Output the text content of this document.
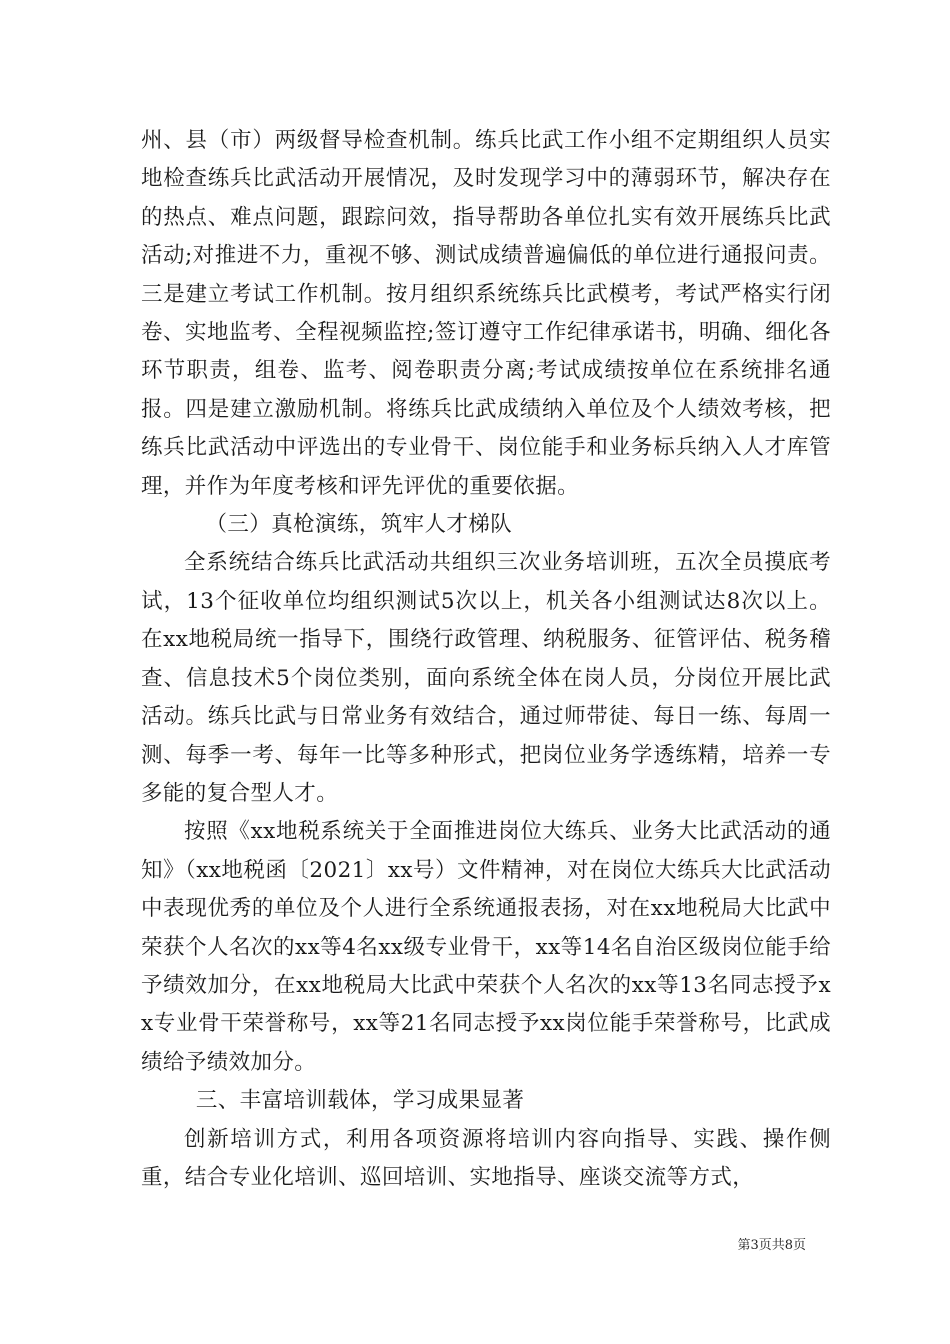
州、县（市）两级督导检查机制。练兵比武工作小组不定期组织人员实地检查练兵比武活动开展情况，及时发现学习中的薄弱环节，解决存在的热点、难点问题，跟踪问效，指导帮助各单位扎实有效开展练兵比武活动;对推进不力，重视不够、测试成绩普遍偏低的单位进行通报问责。三是建立考试工作机制。按月组织系统练兵比武模考，考试严格实行闭卷、实地监考、全程视频监控;签订遵守工作纪律承诺书，明确、细化各环节职责，组卷、监考、阅卷职责分离;考试成绩按单位在系统排名通报。四是建立激励机制。将练兵比武成绩纳入单位及个人绩效考核，把练兵比武活动中评选出的专业骨干、岗位能手和业务标兵纳入人才库管理，并作为年度考核和评先评优的重要依据。

（三）真枪演练，筑牢人才梯队

全系统结合练兵比武活动共组织三次业务培训班，五次全员摸底考试，13个征收单位均组织测试5次以上，机关各小组测试达8次以上。在xx地税局统一指导下，围绕行政管理、纳税服务、征管评估、税务稽查、信息技术5个岗位类别，面向系统全体在岗人员，分岗位开展比武活动。练兵比武与日常业务有效结合，通过师带徒、每日一练、每周一测、每季一考、每年一比等多种形式，把岗位业务学透练精，培养一专多能的复合型人才。

按照《xx地税系统关于全面推进岗位大练兵、业务大比武活动的通知》（xx地税函〔2021〕xx号）文件精神，对在岗位大练兵大比武活动中表现优秀的单位及个人进行全系统通报表扬，对在xx地税局大比武中荣获个人名次的xx等4名xx级专业骨干，xx等14名自治区级岗位能手给予绩效加分，在xx地税局大比武中荣获个人名次的xx等13名同志授予xx专业骨干荣誉称号，xx等21名同志授予xx岗位能手荣誉称号，比武成绩给予绩效加分。

三、丰富培训载体，学习成果显著

创新培训方式，利用各项资源将培训内容向指导、实践、操作侧重，结合专业化培训、巡回培训、实地指导、座谈交流等方式，

第3页共8页
